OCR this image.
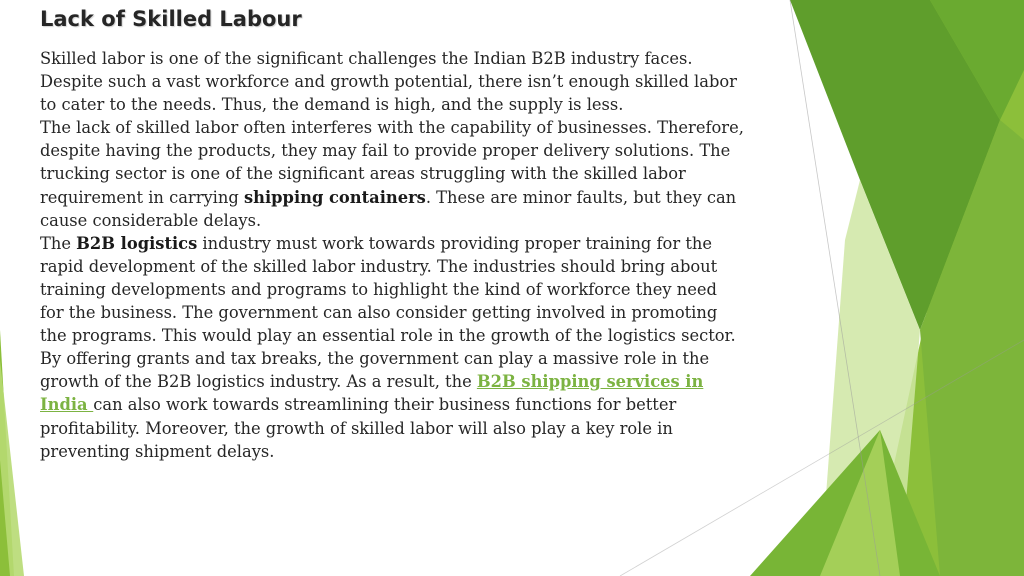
Lack of Skilled Labour

Skilled labor is one of the significant challenges the Indian B2B industry faces. Despite such a vast workforce and growth potential, there isn’t enough skilled labor to cater to the needs. Thus, the demand is high, and the supply is less.

The lack of skilled labor often interferes with the capability of businesses. Therefore, despite having the products, they may fail to provide proper delivery solutions. The trucking sector is one of the significant areas struggling with the skilled labor requirement in carrying shipping containers. These are minor faults, but they can cause considerable delays.

The B2B logistics industry must work towards providing proper training for the rapid development of the skilled labor industry. The industries should bring about training developments and programs to highlight the kind of workforce they need for the business. The government can also consider getting involved in promoting the programs. This would play an essential role in the growth of the logistics sector.

By offering grants and tax breaks, the government can play a massive role in the growth of the B2B logistics industry. As a result, the B2B shipping services in India can also work towards streamlining their business functions for better profitability. Moreover, the growth of skilled labor will also play a key role in preventing shipment delays.
